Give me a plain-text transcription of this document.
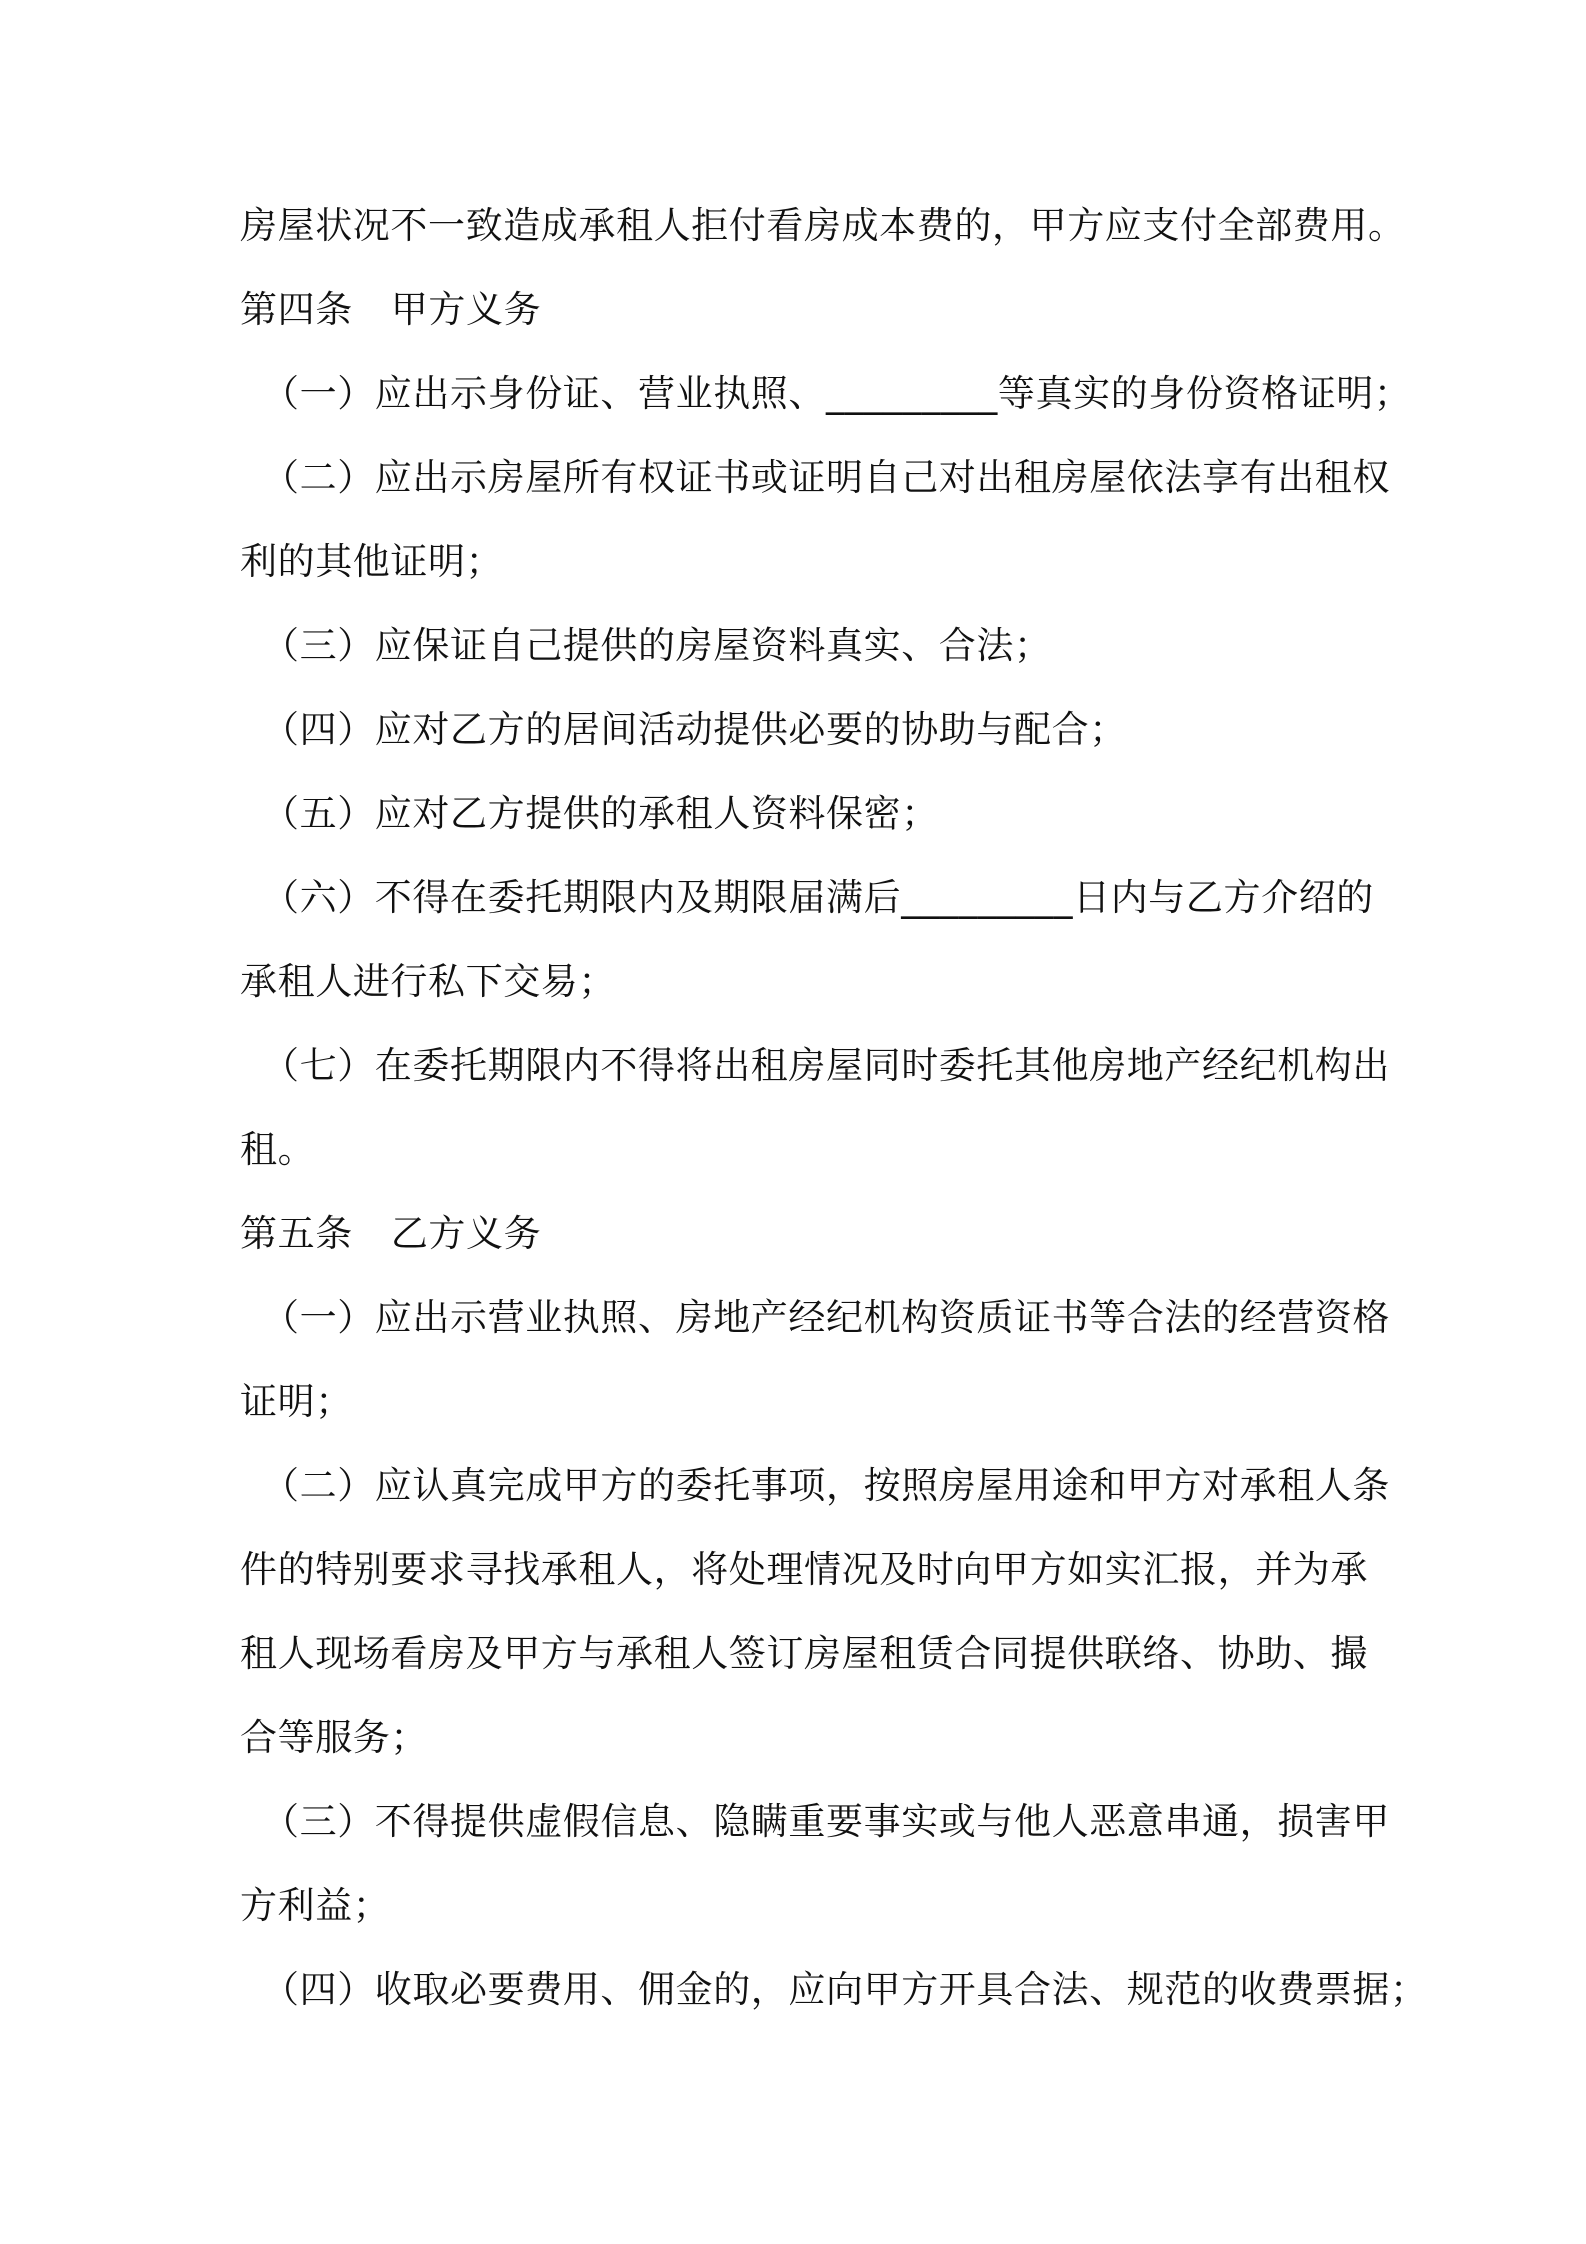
房屋状况不一致造成承租人拒付看房成本费的，甲方应支付全部费用。

第四条 甲方义务

（一）应出示身份证、营业执照、_________等真实的身份资格证明；

（二）应出示房屋所有权证书或证明自己对出租房屋依法享有出租权

利的其他证明；

（三）应保证自己提供的房屋资料真实、合法；

（四）应对乙方的居间活动提供必要的协助与配合；

（五）应对乙方提供的承租人资料保密；

（六）不得在委托期限内及期限届满后_________日内与乙方介绍的

承租人进行私下交易；

（七）在委托期限内不得将出租房屋同时委托其他房地产经纪机构出

租。

第五条 乙方义务

（一）应出示营业执照、房地产经纪机构资质证书等合法的经营资格

证明；

（二）应认真完成甲方的委托事项，按照房屋用途和甲方对承租人条

件的特别要求寻找承租人，将处理情况及时向甲方如实汇报，并为承

租人现场看房及甲方与承租人签订房屋租赁合同提供联络、协助、撮

合等服务；

（三）不得提供虚假信息、隐瞒重要事实或与他人恶意串通，损害甲

方利益；

（四）收取必要费用、佣金的，应向甲方开具合法、规范的收费票据；
